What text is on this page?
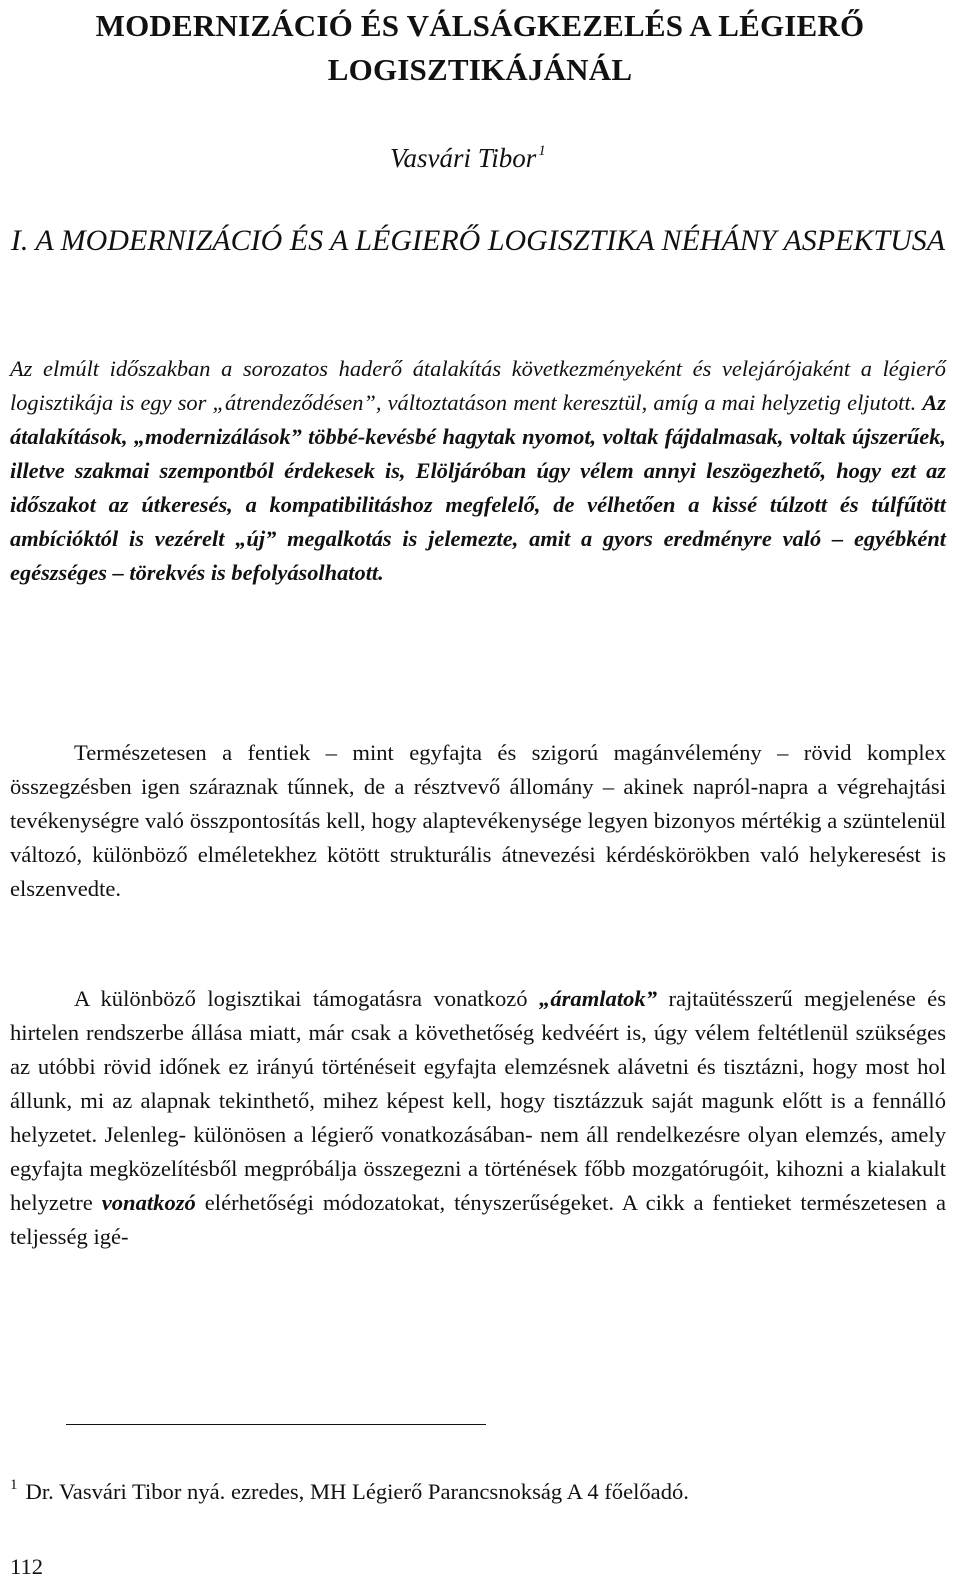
MODERNIZÁCIÓ ÉS VÁLSÁGKEZELÉS A LÉGIERŐ LOGISZTIKÁJÁNÁL
Vasvári Tibor $^1$
I. A MODERNIZÁCIÓ ÉS A LÉGIERŐ LOGISZTIKA NÉHÁNY ASPEKTUSA

Az elmúlt időszakban a sorozatos haderő átalakítás következményeként és velejárójaként a légierő logisztikája is egy sor „átrendeződésen”, változtatáson ment keresztül, amíg a mai helyzetig eljutott. Az átalakítások, „modernizálások” többé-kevésbé hagytak nyomot, voltak fájdalmasak, voltak újszerűek, illetve szakmai szempontból érdekesek is, Elöljáróban úgy vélem annyi leszögezhető, hogy ezt az időszakot az útkeresés, a kompatibilitáshoz megfelelő, de vélhetően a kissé túlzott és túlfűtött ambícióktól is vezérelt „új” megalkotás is jelemezte, amit a gyors eredményre való – egyébként egészséges – törekvés is befolyásolhatott.

Természetesen a fentiek – mint egyfajta és szigorú magánvélemény – rövid komplex összegzésben igen száraznak tűnnek, de a résztvevő állomány – akinek napról-napra a végrehajtási tevékenységre való összpontosítás kell, hogy alaptevékenysége legyen bizonyos mértékig a szüntelenül változó, különböző elméletekhez kötött strukturális átnevezési kérdéskörökben való helykeresést is elszenvedte.

A különböző logisztikai támogatásra vonatkozó „áramlatok” rajtaütésszerű megjelenése és hirtelen rendszerbe állása miatt, már csak a követhetőség kedvéért is, úgy vélem feltétlenül szükséges az utóbbi rövid időnek ez irányú történéseit egyfajta elemzésnek alávetni és tisztázni, hogy most hol állunk, mi az alapnak tekinthető, mihez képest kell, hogy tisztázzuk saját magunk előtt is a fennálló helyzetet. Jelenleg- különösen a légierő vonatkozásában- nem áll rendelkezésre olyan elemzés, amely egyfajta megközelítésből megpróbálja összegezni a történések főbb mozgatórugóit, kihozni a kialakult helyzetre vonatkozó elérhetőségi módozatokat, tényszerűségeket. A cikk a fentieket természetesen a teljesség igé-

$^1$ Dr. Vasvári Tibor nyá. ezredes, MH Légierő Parancsnokság A 4 főelőadó.
112
